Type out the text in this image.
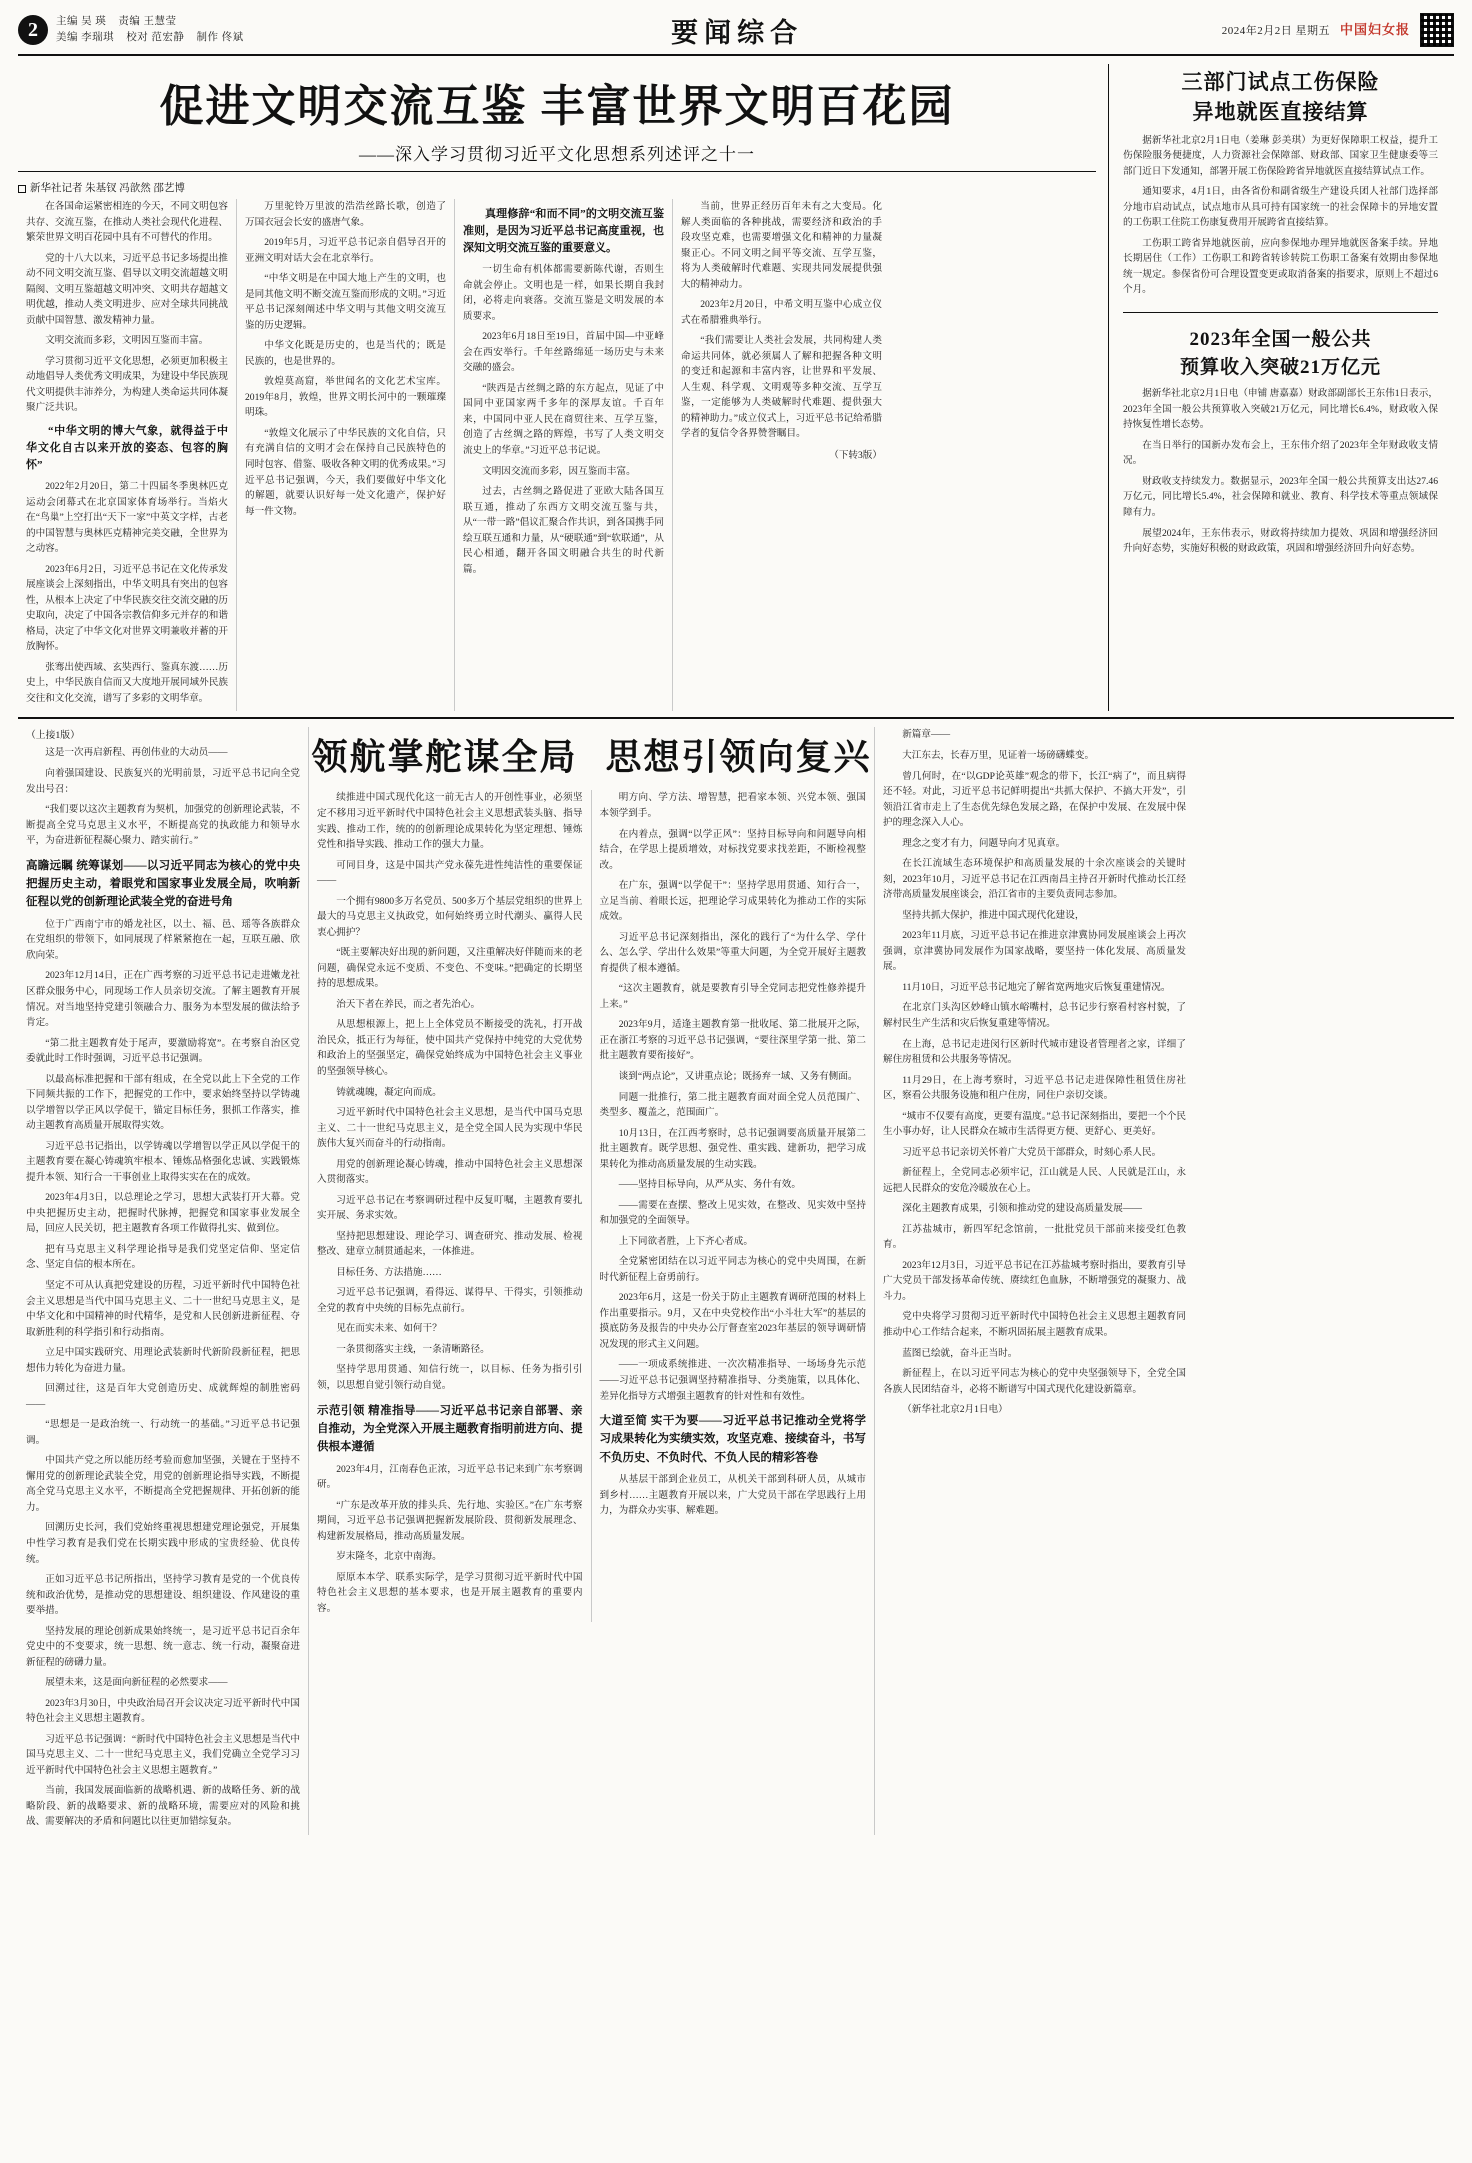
2	主编 吴 瑛 责编 王慧莹
美编 李瑞琪 校对 范宏静 制作 佟斌	要闻综合	2024年2月2日 星期五 中国妇女报
促进文明交流互鉴 丰富世界文明百花园
——深入学习贯彻习近平文化思想系列述评之十一
新华社记者 朱基钗 冯歆然 邵艺博

在各国命运紧密相连的今天，不同文明包容共存、交流互鉴，在推动人类社会现代化进程、繁荣世界文明百花园中具有不可替代的作用。

党的十八大以来，习近平总书记多场提出推动不同文明交流互鉴、倡导以文明交流超越文明隔阂、文明互鉴超越文明冲突、文明共存超越文明优越，推动人类文明进步、应对全球共同挑战贡献中国智慧、激发精神力量。

文明交流而多彩，文明因互鉴而丰富。

学习贯彻习近平文化思想，必须更加积极主动地倡导人类优秀文明成果，为建设中华民族现代文明提供丰沛养分，为构建人类命运共同体凝聚广泛共识。

“中华文明的博大气象，就得益于中华文化自古以来开放的姿态、包容的胸怀”

2022年2月20日，第二十四届冬季奥林匹克运动会闭幕式在北京国家体育场举行。当焰火在“鸟巢”上空打出“天下一家”中英文字样，古老的中国智慧与奥林匹克精神完美交融，全世界为之动容。

2023年6月2日，习近平总书记在文化传承发展座谈会上深刻指出，中华文明具有突出的包容性，从根本上决定了中华民族交往交流交融的历史取向，决定了中国各宗教信仰多元并存的和谐格局，决定了中华文化对世界文明兼收并蓄的开放胸怀。

张骞出使西域、玄奘西行、鉴真东渡……历史上，中华民族自信而又大度地开展同域外民族交往和文化交流，谱写了多彩的文明华章。

万里驼铃万里波的浩浩丝路长歌，创造了万国衣冠会长安的盛唐气象。

2019年5月，习近平总书记亲自倡导召开的亚洲文明对话大会在北京举行。

“中华文明是在中国大地上产生的文明，也是同其他文明不断交流互鉴而形成的文明。”习近平总书记深刻阐述中华文明与其他文明交流互鉴的历史逻辑。

中华文化既是历史的，也是当代的；既是民族的，也是世界的。

敦煌莫高窟，举世闻名的文化艺术宝库。2019年8月，敦煌，世界文明长河中的一颗璀璨明珠。

“敦煌文化展示了中华民族的文化自信，只有充满自信的文明才会在保持自己民族特色的同时包容、借鉴、吸收各种文明的优秀成果。”习近平总书记强调，今天，我们要做好中华文化的解题，就要认识好每一处文化遗产，保护好每一件文物。

真理修辞“和而不同”的文明交流互鉴准则，是因为习近平总书记高度重视，也深知文明交流互鉴的重要意义。

一切生命有机体都需要新陈代谢，否则生命就会停止。文明也是一样，如果长期自我封闭，必将走向衰落。交流互鉴是文明发展的本质要求。

2023年6月18日至19日，首届中国—中亚峰会在西安举行。千年丝路绵延一场历史与未来交融的盛会。

“陕西是古丝绸之路的东方起点，见证了中国同中亚国家两千多年的深厚友谊。千百年来，中国同中亚人民在商贸往来、互学互鉴，创造了古丝绸之路的辉煌，书写了人类文明交流史上的华章。”习近平总书记说。

文明因交流而多彩，因互鉴而丰富。

过去，古丝绸之路促进了亚欧大陆各国互联互通，推动了东西方文明交流互鉴与共，从“一带一路”倡议汇聚合作共识，到各国携手同绘互联互通和力量，从“硬联通”到“软联通”，从民心相通，翻开各国文明融合共生的时代新篇。

当前，世界正经历百年未有之大变局。化解人类面临的各种挑战，需要经济和政治的手段攻坚克难，也需要增强文化和精神的力量凝聚正心。不同文明之间平等交流、互学互鉴，将为人类破解时代难题、实现共同发展提供强大的精神动力。

2023年2月20日，中希文明互鉴中心成立仪式在希腊雅典举行。

“我们需要让人类社会发展，共同构建人类命运共同体，就必须属人了解和把握各种文明的变迁和起源和丰富内容，让世界和平发展、人生观、科学观、文明观等多种交流、互学互鉴，一定能够为人类破解时代难题、提供强大的精神助力。”成立仪式上，习近平总书记给希腊学者的复信令各界赞誉瞩目。

（下转3版）
三部门试点工伤保险
异地就医直接结算

据新华社北京2月1日电（姜琳 彭美琪）为更好保障职工权益，提升工伤保险服务便捷度，人力资源社会保障部、财政部、国家卫生健康委等三部门近日下发通知，部署开展工伤保险跨省异地就医直接结算试点工作。

通知要求，4月1日，由各省份和副省级生产建设兵团人社部门选择部分地市启动试点，试点地市从具可持有国家统一的社会保障卡的异地安置的工伤职工住院工伤康复费用开展跨省直接结算。

工伤职工跨省异地就医前，应向参保地办理异地就医备案手续。异地长期居住（工作）工伤职工和跨省转诊转院工伤职工备案有效期由参保地统一规定。参保省份可合理设置变更或取消备案的指要求，原则上不超过6个月。

2023年全国一般公共
预算收入突破21万亿元

据新华社北京2月1日电（申铺 唐嘉嘉）财政部副部长王东伟1日表示，2023年全国一般公共预算收入突破21万亿元，同比增长6.4%，财政收入保持恢复性增长态势。

在当日举行的国新办发布会上，王东伟介绍了2023年全年财政收支情况。

财政收支持续发力。数据显示，2023年全国一般公共预算支出达27.46万亿元，同比增长5.4%，社会保障和就业、教育、科学技术等重点领域保障有力。

展望2024年，王东伟表示，财政将持续加力提效、巩固和增强经济回升向好态势，实施好积极的财政政策，巩固和增强经济回升向好态势。

（上接1版）

这是一次再启新程、再创伟业的大动员——

向着强国建设、民族复兴的光明前景，习近平总书记向全党发出号召：

“我们要以这次主题教育为契机，加强党的创新理论武装，不断提高全党马克思主义水平，不断提高党的执政能力和领导水平，为奋进新征程凝心聚力、踏实前行。”

高瞻远瞩 统筹谋划——以习近平同志为核心的党中央把握历史主动，着眼党和国家事业发展全局，吹响新征程以党的创新理论武装全党的奋进号角

位于广西南宁市的婚龙社区，以土、福、邑、瑶等各族群众在党组织的带领下，如同展现了样紧紧抱在一起，互联互融、欣欣向荣。

2023年12月14日，正在广西考察的习近平总书记走进嫩龙社区群众服务中心，同现场工作人员亲切交流。了解主题教育开展情况。对当地坚持党建引领融合力、服务为本型发展的做法给予肯定。

“第二批主题教育处于尾声，要激励将宽”。在考察自治区党委就此时工作时强调，习近平总书记强调。

以最高标准把握和干部有组成，在全党以此上下全党的工作下同频共振的工作下，把握党的工作中，要求始终坚持以学铸魂以学增智以学正风以学促干，锚定目标任务，狠抓工作落实，推动主题教育高质量开展取得实效。

习近平总书记指出，以学铸魂以学增智以学正风以学促干的主题教育要在凝心铸魂筑牢根本、锤炼品格强化忠诚、实践锻炼提升本领、知行合一干事创业上取得实实在在的成效。

2023年4月3日，以总理论之学习，思想大武装打开大幕。党中央把握历史主动，把握时代脉搏，把握党和国家事业发展全局，回应人民关切，把主题教育各项工作做得扎实、做到位。

把有马克思主义科学理论指导是我们党坚定信仰、坚定信念、坚定自信的根本所在。

坚定不可从认真把党建设的历程，习近平新时代中国特色社会主义思想是当代中国马克思主义、二十一世纪马克思主义，是中华文化和中国精神的时代精华，是党和人民创新进新征程、夺取新胜利的科学指引和行动指南。

立足中国实践研究、用理论武装新时代新阶段新征程，把思想伟力转化为奋进力量。

回溯过往，这是百年大党创造历史、成就辉煌的制胜密码——

“思想是一是政治统一、行动统一的基础。”习近平总书记强调。

中国共产党之所以能历经考验而愈加坚强，关键在于坚持不懈用党的创新理论武装全党，用党的创新理论指导实践，不断提高全党马克思主义水平，不断提高全党把握规律、开拓创新的能力。

回溯历史长河，我们党始终重视思想建党理论强党，开展集中性学习教育是我们党在长期实践中形成的宝贵经验、优良传统。

正如习近平总书记所指出，坚持学习教育是党的一个优良传统和政治优势，是推动党的思想建设、组织建设、作风建设的重要举措。

坚持发展的理论创新成果始终统一，是习近平总书记百余年党史中的不变要求，统一思想、统一意志、统一行动，凝聚奋进新征程的磅礴力量。

展望未来，这是面向新征程的必然要求——

2023年3月30日，中央政治局召开会议决定习近平新时代中国特色社会主义思想主题教育。

习近平总书记强调：“新时代中国特色社会主义思想是当代中国马克思主义、二十一世纪马克思主义，我们党确立全党学习习近平新时代中国特色社会主义思想主题教育。”

当前，我国发展面临新的战略机遇、新的战略任务、新的战略阶段、新的战略要求、新的战略环境，需要应对的风险和挑战、需要解决的矛盾和问题比以往更加错综复杂。

领航掌舵谋全局 思想引领向复兴

续推进中国式现代化这一前无古人的开创性事业，必须坚定不移用习近平新时代中国特色社会主义思想武装头脑、指导实践、推动工作，统的的创新理论成果转化为坚定理想、锤炼党性和指导实践、推动工作的强大力量。

可同目身，这是中国共产党永葆先进性纯洁性的重要保证——

一个拥有9800多万名党员、500多万个基层党组织的世界上最大的马克思主义执政党，如何始终勇立时代潮头、赢得人民衷心拥护？

“既主要解决好出现的新问题，又注重解决好伴随而来的老问题，确保党永远不变质、不变色、不变味。”把确定的长期坚持的思想成果。

治天下者在养民，而之者先治心。

从思想根源上，把上上全体党员不断接受的洗礼，打开战治民众，抵正行为每征，使中国共产党保持中纯党的大党优势和政治上的坚强坚定，确保党始终成为中国特色社会主义事业的坚强领导核心。

铸就魂魄，凝定向而成。

习近平新时代中国特色社会主义思想，是当代中国马克思主义、二十一世纪马克思主义，是全党全国人民为实现中华民族伟大复兴而奋斗的行动指南。

用党的创新理论凝心铸魂，推动中国特色社会主义思想深入贯彻落实。

习近平总书记在考察调研过程中反复叮嘱，主题教育要扎实开展、务求实效。

坚持把思想建设、理论学习、调查研究、推动发展、检视整改、建章立制贯通起来，一体推进。

目标任务、方法措施……

习近平总书记强调，看得远、谋得早、干得实，引领推动全党的教育中央统的目标先点前行。

见在而实未来、如何干？

一条贯彻落实主线，一条清晰路径。

坚持学思用贯通、知信行统一，以目标、任务为指引引领，以思想自觉引领行动自觉。

示范引领 精准指导——习近平总书记亲自部署、亲自推动，为全党深入开展主题教育指明前进方向、提供根本遵循

2023年4月，江南春色正浓，习近平总书记来到广东考察调研。

“广东是改革开放的排头兵、先行地、实验区。”在广东考察期间，习近平总书记强调把握新发展阶段、贯彻新发展理念、构建新发展格局，推动高质量发展。

岁末隆冬，北京中南海。

原原本本学、联系实际学，是学习贯彻习近平新时代中国特色社会主义思想的基本要求，也是开展主题教育的重要内容。

明方向、学方法、增智慧，把看家本领、兴党本领、强国本领学到手。

在内着点，强调“以学正风”：坚持目标导向和问题导向相结合，在学思上提质增效，对标找党要求找差距，不断检视整改。

在广东，强调“以学促干”：坚持学思用贯通、知行合一，立足当前、着眼长远，把理论学习成果转化为推动工作的实际成效。

习近平总书记深刻指出，深化的践行了“为什么学、学什么、怎么学、学出什么效果”等重大问题，为全党开展好主题教育提供了根本遵循。

“这次主题教育，就是要教育引导全党同志把党性修养提升上来。”

2023年9月，适逢主题教育第一批收尾、第二批展开之际，正在浙江考察的习近平总书记强调，“要往深里学第一批、第二批主题教育要衔接好”。

谈到“两点论”，又讲重点论；既扬弃一域、又务有侧面。

同题一批推行，第二批主题教育面对面全党人员范围广、类型多、覆盖之，范围面广。

10月13日，在江西考察时，总书记强调要高质量开展第二批主题教育。既学思想、强党性、重实践、建新功，把学习成果转化为推动高质量发展的生动实践。

——坚持目标导向，从严从实、务什有效。

——需要在查摆、整改上见实效，在整改、见实效中坚持和加强党的全面领导。

上下同欲者胜，上下齐心者成。

全党紧密团结在以习近平同志为核心的党中央周围，在新时代新征程上奋勇前行。

2023年6月，这是一份关于防止主题教育调研范围的材料上作出重要指示。9月，又在中央党校作出“小斗壮大军”的基层的摸底防务及报告的中央办公厅督查室2023年基层的领导调研情况发现的形式主义问题。

——一项成系统推进、一次次精准指导、一场场身先示范——习近平总书记强调坚持精准指导、分类施策，以具体化、差异化指导方式增强主题教育的针对性和有效性。

大道至简 实干为要——习近平总书记推动全党将学习成果转化为实绩实效，攻坚克难、接续奋斗，书写不负历史、不负时代、不负人民的精彩答卷

从基层干部到企业员工，从机关干部到科研人员，从城市到乡村……主题教育开展以来，广大党员干部在学思践行上用力，为群众办实事、解难题。

新篇章——

大江东去，长春万里，见证着一场磅礴蝶变。

曾几何时，在“以GDP论英雄”观念的带下，长江“病了”，而且病得还不轻。对此，习近平总书记鲜明提出“共抓大保护、不搞大开发”，引领沿江省市走上了生态优先绿色发展之路，在保护中发展、在发展中保护的理念深入人心。

理念之变才有力，问题导向才见真章。

在长江流域生态环境保护和高质量发展的十余次座谈会的关键时刻，2023年10月，习近平总书记在江西南昌主持召开新时代推动长江经济带高质量发展座谈会，沿江省市的主要负责同志参加。

坚持共抓大保护，推进中国式现代化建设，

2023年11月底，习近平总书记在推进京津冀协同发展座谈会上再次强调，京津冀协同发展作为国家战略，要坚持一体化发展、高质量发展。

11月10日，习近平总书记地完了解省宽两地灾后恢复重建情况。

在北京门头沟区妙峰山镇水峪嘴村，总书记步行察看村容村貌，了解村民生产生活和灾后恢复重建等情况。

在上海，总书记走进闵行区新时代城市建设者管理者之家，详细了解住房租赁和公共服务等情况。

11月29日，在上海考察时，习近平总书记走进保障性租赁住房社区，察看公共服务设施和租户住房，同住户亲切交谈。

“城市不仅要有高度，更要有温度。”总书记深刻指出，要把一个个民生小事办好，让人民群众在城市生活得更方便、更舒心、更美好。

习近平总书记亲切关怀着广大党员干部群众，时刻心系人民。

新征程上，全党同志必须牢记，江山就是人民、人民就是江山，永远把人民群众的安危冷暖放在心上。

深化主题教育成果，引领和推动党的建设高质量发展——

江苏盐城市，新四军纪念馆前，一批批党员干部前来接受红色教育。

2023年12月3日，习近平总书记在江苏盐城考察时指出，要教育引导广大党员干部发扬革命传统、赓续红色血脉，不断增强党的凝聚力、战斗力。

党中央将学习贯彻习近平新时代中国特色社会主义思想主题教育同推动中心工作结合起来，不断巩固拓展主题教育成果。

蓝图已绘就，奋斗正当时。

新征程上，在以习近平同志为核心的党中央坚强领导下，全党全国各族人民团结奋斗，必将不断谱写中国式现代化建设新篇章。

（新华社北京2月1日电）
